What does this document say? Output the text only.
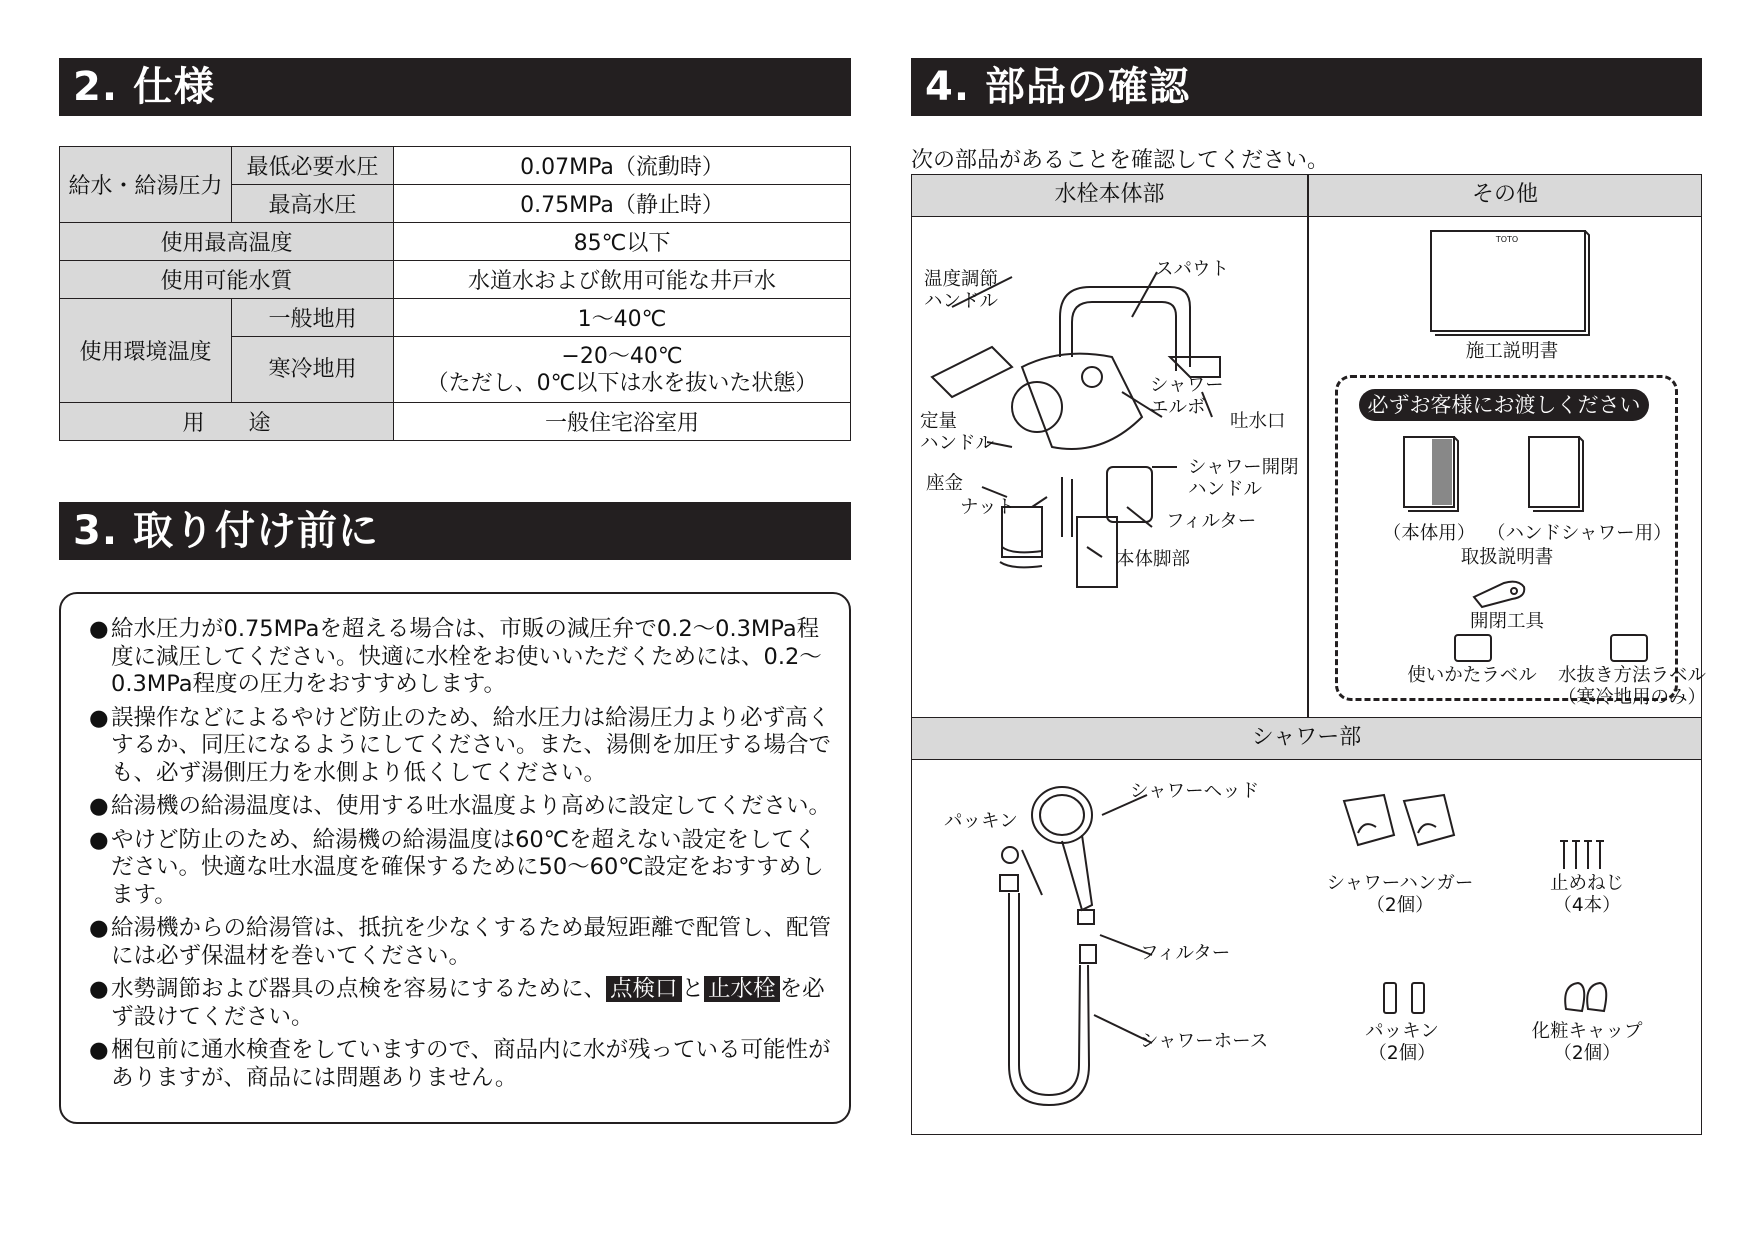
2. 仕様
給水・給湯圧力	最低必要水圧	0.07MPa（流動時）
	最高水圧	0.75MPa（静止時）
使用最高温度		85℃以下
使用可能水質		水道水および飲用可能な井戸水
使用環境温度	一般地用	1～40℃
	寒冷地用	−20～40℃
（ただし、0℃以下は水を抜いた状態）

用　　途		一般住宅浴室用
3. 取り付け前に
● 給水圧力が0.75MPaを超える場合は、市販の減圧弁で0.2～0.3MPa程度に減圧してください。快適に水栓をお使いいただくためには、0.2～0.3MPa程度の圧力をおすすめします。
● 誤操作などによるやけど防止のため、給水圧力は給湯圧力より必ず高くするか、同圧になるようにしてください。また、湯側を加圧する場合でも、必ず湯側圧力を水側より低くしてください。
● 給湯機の給湯温度は、使用する吐水温度より高めに設定してください。
● やけど防止のため、給湯機の給湯温度は60℃を超えない設定をしてください。快適な吐水温度を確保するために50～60℃設定をおすすめします。
● 給湯機からの給湯管は、抵抗を少なくするため最短距離で配管し、配管には必ず保温材を巻いてください。
● 水勢調節および器具の点検を容易にするために、 点検口 と 止水栓 を必ず設けてください。
● 梱包前に通水検査をしていますので、商品内に水が残っている可能性がありますが、商品には問題ありません。
4. 部品の確認
次の部品があることを確認してください。
水栓本体部	その他
シャワー部
温度調節
ハンドル
スパウト
シャワー
エルボ
吐水口
定量
ハンドル
シャワー開閉
ハンドル
座金
ナット
フィルター
本体脚部
TOTO
施工説明書
必ずお客様にお渡しください
（本体用） （ハンドシャワー用）
取扱説明書
開閉工具
使いかたラベル	水抜き方法ラベル
（寒冷地用のみ）
パッキン
シャワーヘッド
フィルター
シャワーホース
シャワーハンガー
（2個）
止めねじ
（4本）
パッキン
（2個）
化粧キャップ
（2個）
